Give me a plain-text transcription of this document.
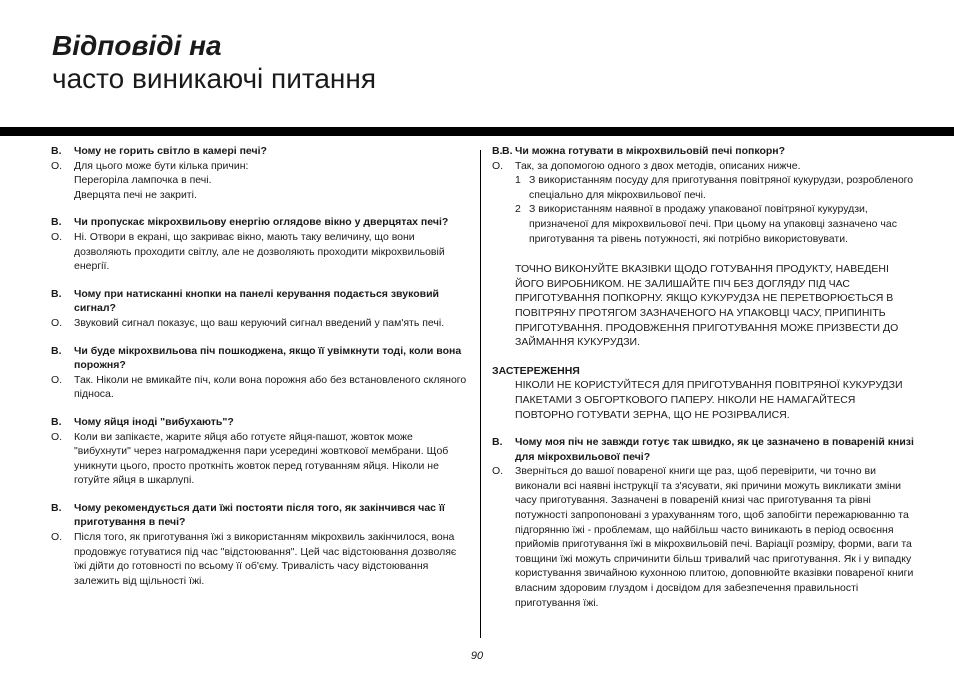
Відповіді на
часто виникаючі питання
В. Чому не горить світло в камері печі?
О. Для цього може бути кілька причин:
Перегоріла лампочка в печі.
Дверцята печі не закриті.
В. Чи пропускає мікрохвильову енергію оглядове вікно у дверцятах печі?
О. Ні. Отвори в екрані, що закриває вікно, мають таку величину, що вони дозволяють проходити світлу, але не дозволяють проходити мікрохвильовій енергії.
В. Чому при натисканні кнопки на панелі керування подається звуковий сигнал?
О. Звуковий сигнал показує, що ваш керуючий сигнал введений у пам'ять печі.
В. Чи буде мікрохвильова піч пошкоджена, якщо її увімкнути тоді, коли вона порожня?
О. Так. Ніколи не вмикайте піч, коли вона порожня або без встановленого скляного підноса.
В. Чому яйця іноді "вибухають"?
О. Коли ви запікаєте, жарите яйця або готуєте яйця-пашот, жовток може "вибухнути" через нагромадження пари усередині жовткової мембрани. Щоб уникнути цього, просто проткніть жовток перед готуванням яйця. Ніколи не готуйте яйця в шкарлупі.
В. Чому рекомендується дати їжі постояти після того, як закінчився час її приготування в печі?
О. Після того, як приготування їжі з використанням мікрохвиль закінчилося, вона продовжує готуватися під час "відстоювання". Цей час відстоювання дозволяє їжі дійти до готовності по всьому її об'єму. Тривалість часу відстоювання залежить від щільності їжі.
В. В. Чи можна готувати в мікрохвильовій печі попкорн?
О. Так, за допомогою одного з двох методів, описаних нижче.
1 З використанням посуду для приготування повітряної кукурудзи, розробленого спеціально для мікрохвильової печі.
2 З використанням наявної в продажу упакованої повітряної кукурудзи, призначеної для мікрохвильової печі. При цьому на упаковці зазначено час приготування та рівень потужності, які потрібно використовувати.
ТОЧНО ВИКОНУЙТЕ ВКАЗІВКИ ЩОДО ГОТУВАННЯ ПРОДУКТУ, НАВЕДЕНІ ЙОГО ВИРОБНИКОМ. НЕ ЗАЛИШАЙТЕ ПІЧ БЕЗ ДОГЛЯДУ ПІД ЧАС ПРИГОТУВАННЯ ПОПКОРНУ. ЯКЩО КУКУРУДЗА НЕ ПЕРЕТВОРЮЄТЬСЯ В ПОВІТРЯНУ ПРОТЯГОМ ЗАЗНАЧЕНОГО НА УПАКОВЦІ ЧАСУ, ПРИПИНІТЬ ПРИГОТУВАННЯ. ПРОДОВЖЕННЯ ПРИГОТУВАННЯ МОЖЕ ПРИЗВЕСТИ ДО ЗАЙМАННЯ КУКУРУДЗИ.
ЗАСТЕРЕЖЕННЯ
НІКОЛИ НЕ КОРИСТУЙТЕСЯ ДЛЯ ПРИГОТУВАННЯ ПОВІТРЯНОЇ КУКУРУДЗИ ПАКЕТАМИ З ОБГОРТКОВОГО ПАПЕРУ. НІКОЛИ НЕ НАМАГАЙТЕСЯ ПОВТОРНО ГОТУВАТИ ЗЕРНА, ЩО НЕ РОЗІРВАЛИСЯ.
В. Чому моя піч не завжди готує так швидко, як це зазначено в повареній книзі для мікрохвильової печі?
О. Зверніться до вашої повареної книги ще раз, щоб перевірити, чи точно ви виконали всі наявні інструкції та з'ясувати, які причини можуть викликати зміни часу приготування. Зазначені в повареній книзі час приготування та рівні потужності запропоновані з урахуванням того, щоб запобігти пережарюванню та підгорянню їжі - проблемам, що найбільш часто виникають в період освоєння прийомів приготування їжі в мікрохвильовій печі. Варіації розміру, форми, ваги та товщини їжі можуть спричинити більш тривалий час приготування. Як і у випадку користування звичайною кухонною плитою, доповнюйте вказівки повареної книги власним здоровим глуздом і досвідом для забезпечення правильності приготування їжі.
90
